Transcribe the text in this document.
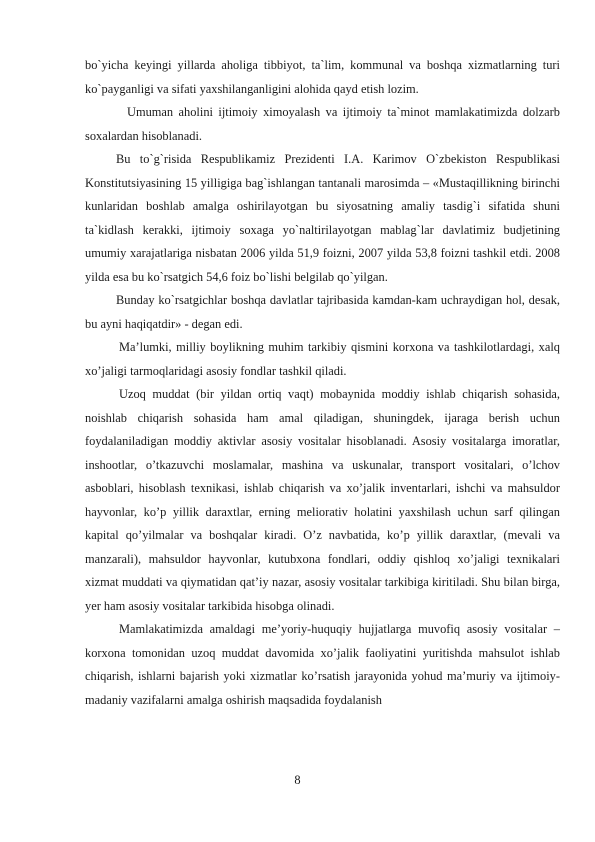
bo`yicha keyingi yillarda aholiga tibbiyot, ta`lim, kommunal va boshqa xizmatlarning turi ko`payganligi va sifati yaxshilanganligini alohida qayd etish lozim.

Umuman aholini ijtimoiy ximoyalash va ijtimoiy ta`minot mamlakatimizda dolzarb soxalardan hisoblanadi.

Bu to`g`risida Respublikamiz Prezidenti I.A. Karimov O`zbekiston Respublikasi Konstitutsiyasining 15 yilligiga bag`ishlangan tantanali marosimda – «Mustaqillikning birinchi kunlaridan boshlab amalga oshirilayotgan bu siyosatning amaliy tasdig`i sifatida shuni ta`kidlash kerakki, ijtimoiy soxaga yo`naltirilayotgan mablag`lar davlatimiz budjetining umumiy xarajatlariga nisbatan 2006 yilda 51,9 foizni, 2007 yilda 53,8 foizni tashkil etdi. 2008 yilda esa bu ko`rsatgich 54,6 foiz bo`lishi belgilab qo`yilgan.

Bunday ko`rsatgichlar boshqa davlatlar tajribasida kamdan-kam uchraydigan hol, desak, bu ayni haqiqatdir» - degan edi.

Ma’lumki, milliy boylikning muhim tarkibiy qismini korxona va tashkilotlardagi, xalq xo’jaligi tarmoqlaridagi asosiy fondlar tashkil qiladi.

Uzoq muddat (bir yildan ortiq vaqt) mobaynida moddiy ishlab chiqarish sohasida, noishlab chiqarish sohasida ham amal qiladigan, shuningdek, ijaraga berish uchun foydalaniladigan moddiy aktivlar asosiy vositalar hisoblanadi. Asosiy vositalarga imoratlar, inshootlar, o’tkazuvchi moslamalar, mashina va uskunalar, transport vositalari, o’lchov asboblari, hisoblash texnikasi, ishlab chiqarish va xo’jalik inventarlari, ishchi va mahsuldor hayvonlar, ko’p yillik daraxtlar, erning meliorativ holatini yaxshilash uchun sarf qilingan kapital qo’yilmalar va boshqalar kiradi. O’z navbatida, ko’p yillik daraxtlar, (mevali va manzarali), mahsuldor hayvonlar, kutubxona fondlari, oddiy qishloq xo’jaligi texnikalari xizmat muddati va qiymatidan qat’iy nazar, asosiy vositalar tarkibiga kiritiladi. Shu bilan birga, yer ham asosiy vositalar tarkibida hisobga olinadi.

Mamlakatimizda amaldagi me’yoriy-huquqiy hujjatlarga muvofiq asosiy vositalar – korxona tomonidan uzoq muddat davomida xo’jalik faoliyatini yuritishda mahsulot ishlab chiqarish, ishlarni bajarish yoki xizmatlar ko’rsatish jarayonida yohud ma’muriy va ijtimoiy-madaniy vazifalarni amalga oshirish maqsadida foydalanish

8
